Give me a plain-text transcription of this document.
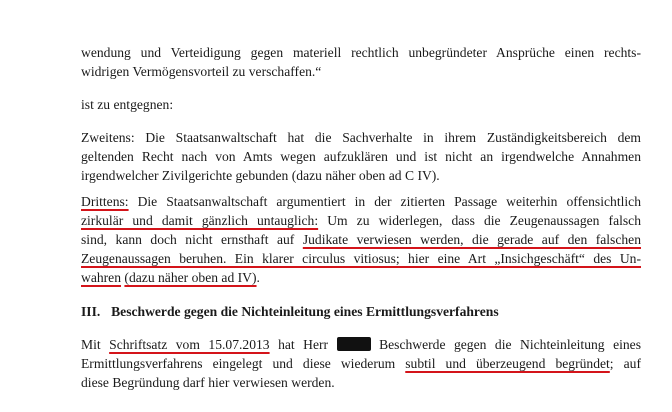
wendung und Verteidigung gegen materiell rechtlich unbegründeter Ansprüche einen rechts-
widrigen Vermögensvorteil zu verschaffen.“
ist zu entgegnen:
Zweitens: Die Staatsanwaltschaft hat die Sachverhalte in ihrem Zuständigkeitsbereich dem
geltenden Recht nach von Amts wegen aufzuklären und ist nicht an irgendwelche Annahmen
irgendwelcher Zivilgerichte gebunden (dazu näher oben ad C IV).
Drittens: Die Staatsanwaltschaft argumentiert in der zitierten Passage weiterhin offensichtlich
zirkulär und damit gänzlich untauglich: Um zu widerlegen, dass die Zeugenaussagen falsch
sind, kann doch nicht ernsthaft auf Judikate verwiesen werden, die gerade auf den falschen
Zeugenaussagen beruhen. Ein klarer circulus vitiosus; hier eine Art „Insichgeschäft“ des Un-
wahren (dazu näher oben ad IV).
III. Beschwerde gegen die Nichteinleitung eines Ermittlungsverfahrens
Mit Schriftsatz vom 15.07.2013 hat Herr	Beschwerde gegen die Nichteinleitung eines
Ermittlungsverfahrens eingelegt und diese wiederum subtil und überzeugend begründet; auf
diese Begründung darf hier verwiesen werden.
